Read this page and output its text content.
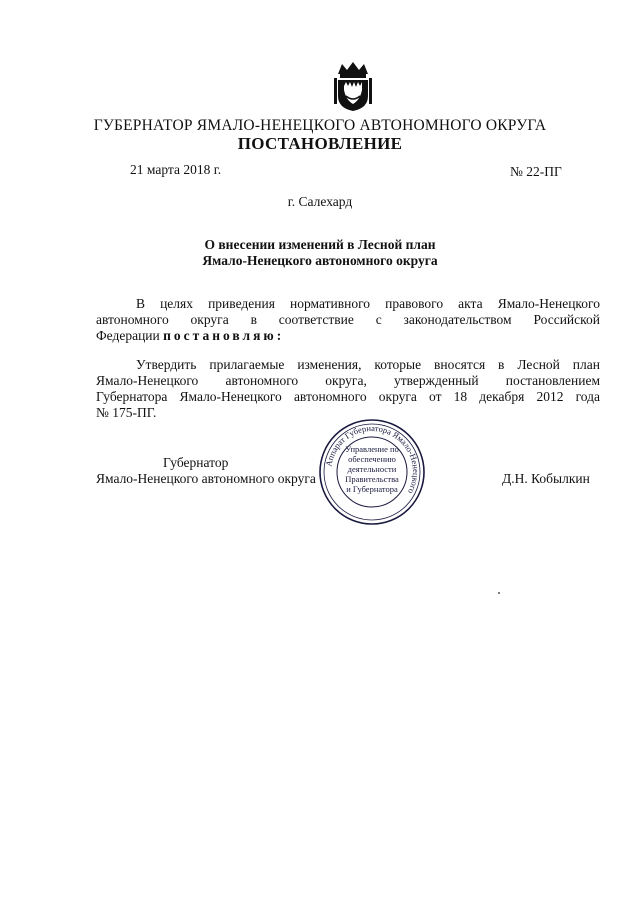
ГУБЕРНАТОР ЯМАЛО-НЕНЕЦКОГО АВТОНОМНОГО ОКРУГА
ПОСТАНОВЛЕНИЕ
21 марта 2018 г.	№ 22-ПГ
г. Салехард
О внесении изменений в Лесной план
Ямало-Ненецкого автономного округа

В целях приведения нормативного правового акта Ямало-Ненецкого

автономного округа в соответствие с законодательством Российской

Федерации постановляю:

Утвердить прилагаемые изменения, которые вносятся в Лесной план

Ямало-Ненецкого автономного округа, утвержденный постановлением

Губернатора Ямало-Ненецкого автономного округа от 18 декабря 2012 года

№ 175-ПГ.

Губернатор
Ямало-Ненецкого автономного округа	Д.Н. Кобылкин
Аппарат Губернатора Ямало-Ненецкого
Управление по
обеспечению
деятельности
Правительства
и Губернатора
